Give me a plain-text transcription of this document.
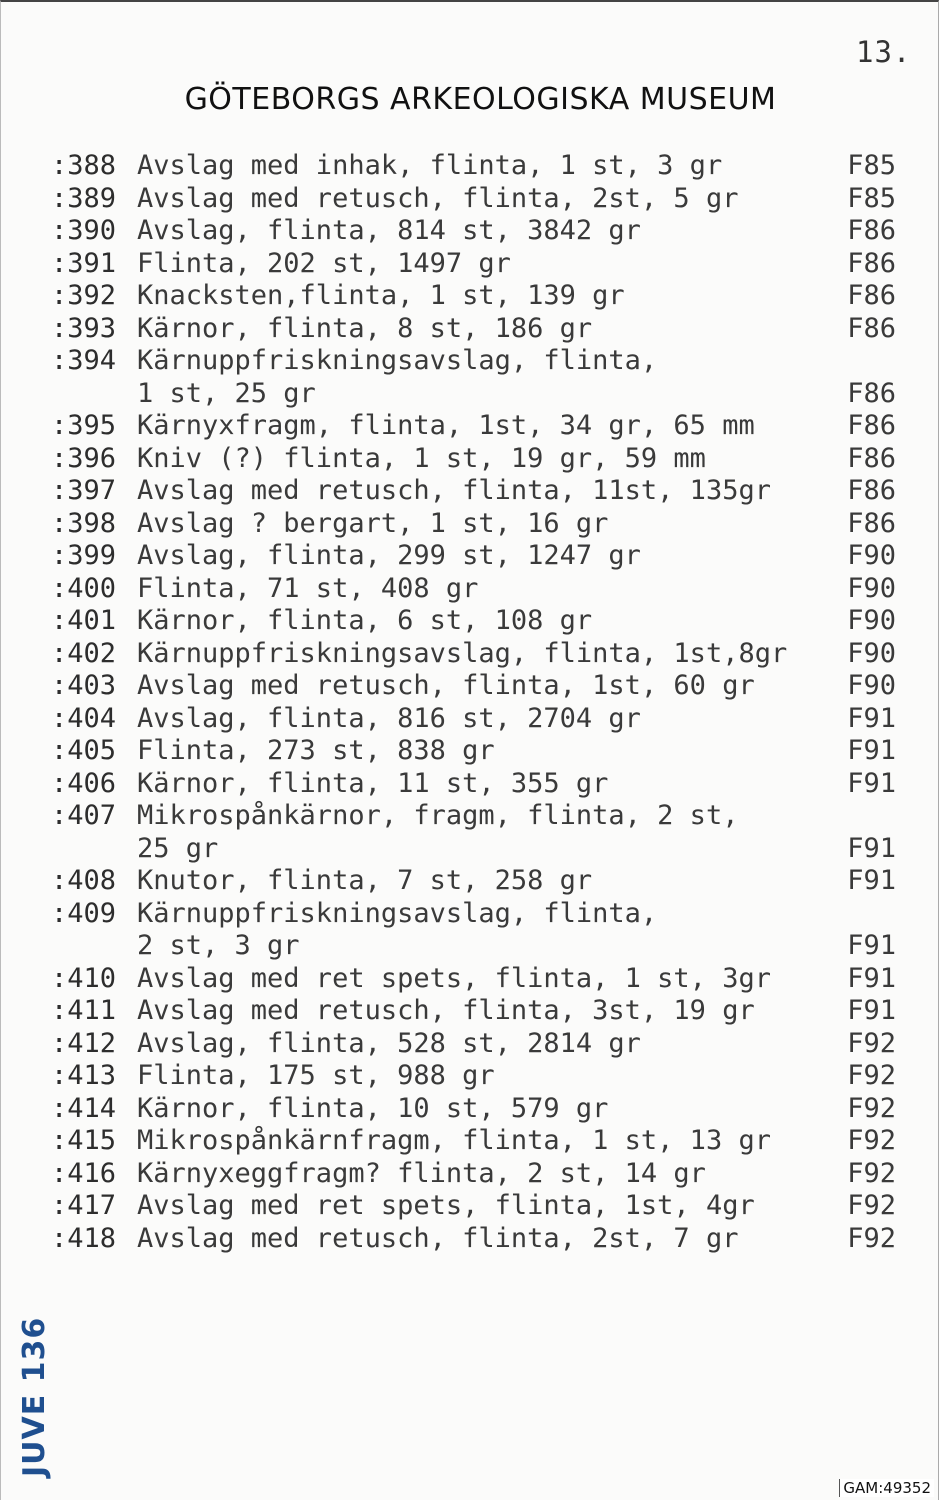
13.
GÖTEBORGS ARKEOLOGISKA MUSEUM
:388 Avslag med inhak, flinta, 1 st, 3 gr	F85
:389 Avslag med retusch, flinta, 2st, 5 gr	F85
:390 Avslag, flinta, 814 st, 3842 gr	F86
:391 Flinta, 202 st, 1497 gr	F86
:392 Knacksten,flinta, 1 st, 139 gr	F86
:393 Kärnor, flinta, 8 st, 186 gr	F86
:394 Kärnuppfriskningsavslag, flinta,
1 st, 25 gr	F86
:395 Kärnyxfragm, flinta, 1st, 34 gr, 65 mm	F86
:396 Kniv (?) flinta, 1 st, 19 gr, 59 mm	F86
:397 Avslag med retusch, flinta, 11st, 135gr	F86
:398 Avslag ? bergart, 1 st, 16 gr	F86
:399 Avslag, flinta, 299 st, 1247 gr	F90
:400 Flinta, 71 st, 408 gr	F90
:401 Kärnor, flinta, 6 st, 108 gr	F90
:402 Kärnuppfriskningsavslag, flinta, 1st,8gr	F90
:403 Avslag med retusch, flinta, 1st, 60 gr	F90
:404 Avslag, flinta, 816 st, 2704 gr	F91
:405 Flinta, 273 st, 838 gr	F91
:406 Kärnor, flinta, 11 st, 355 gr	F91
:407 Mikrospånkärnor, fragm, flinta, 2 st,
25 gr	F91
:408 Knutor, flinta, 7 st, 258 gr	F91
:409 Kärnuppfriskningsavslag, flinta,
2 st, 3 gr	F91
:410 Avslag med ret spets, flinta, 1 st, 3gr	F91
:411 Avslag med retusch, flinta, 3st, 19 gr	F91
:412 Avslag, flinta, 528 st, 2814 gr	F92
:413 Flinta, 175 st, 988 gr	F92
:414 Kärnor, flinta, 10 st, 579 gr	F92
:415 Mikrospånkärnfragm, flinta, 1 st, 13 gr	F92
:416 Kärnyxeggfragm? flinta, 2 st, 14 gr	F92
:417 Avslag med ret spets, flinta, 1st, 4gr	F92
:418 Avslag med retusch, flinta, 2st, 7 gr	F92
JUVE 136
GAM:49352
